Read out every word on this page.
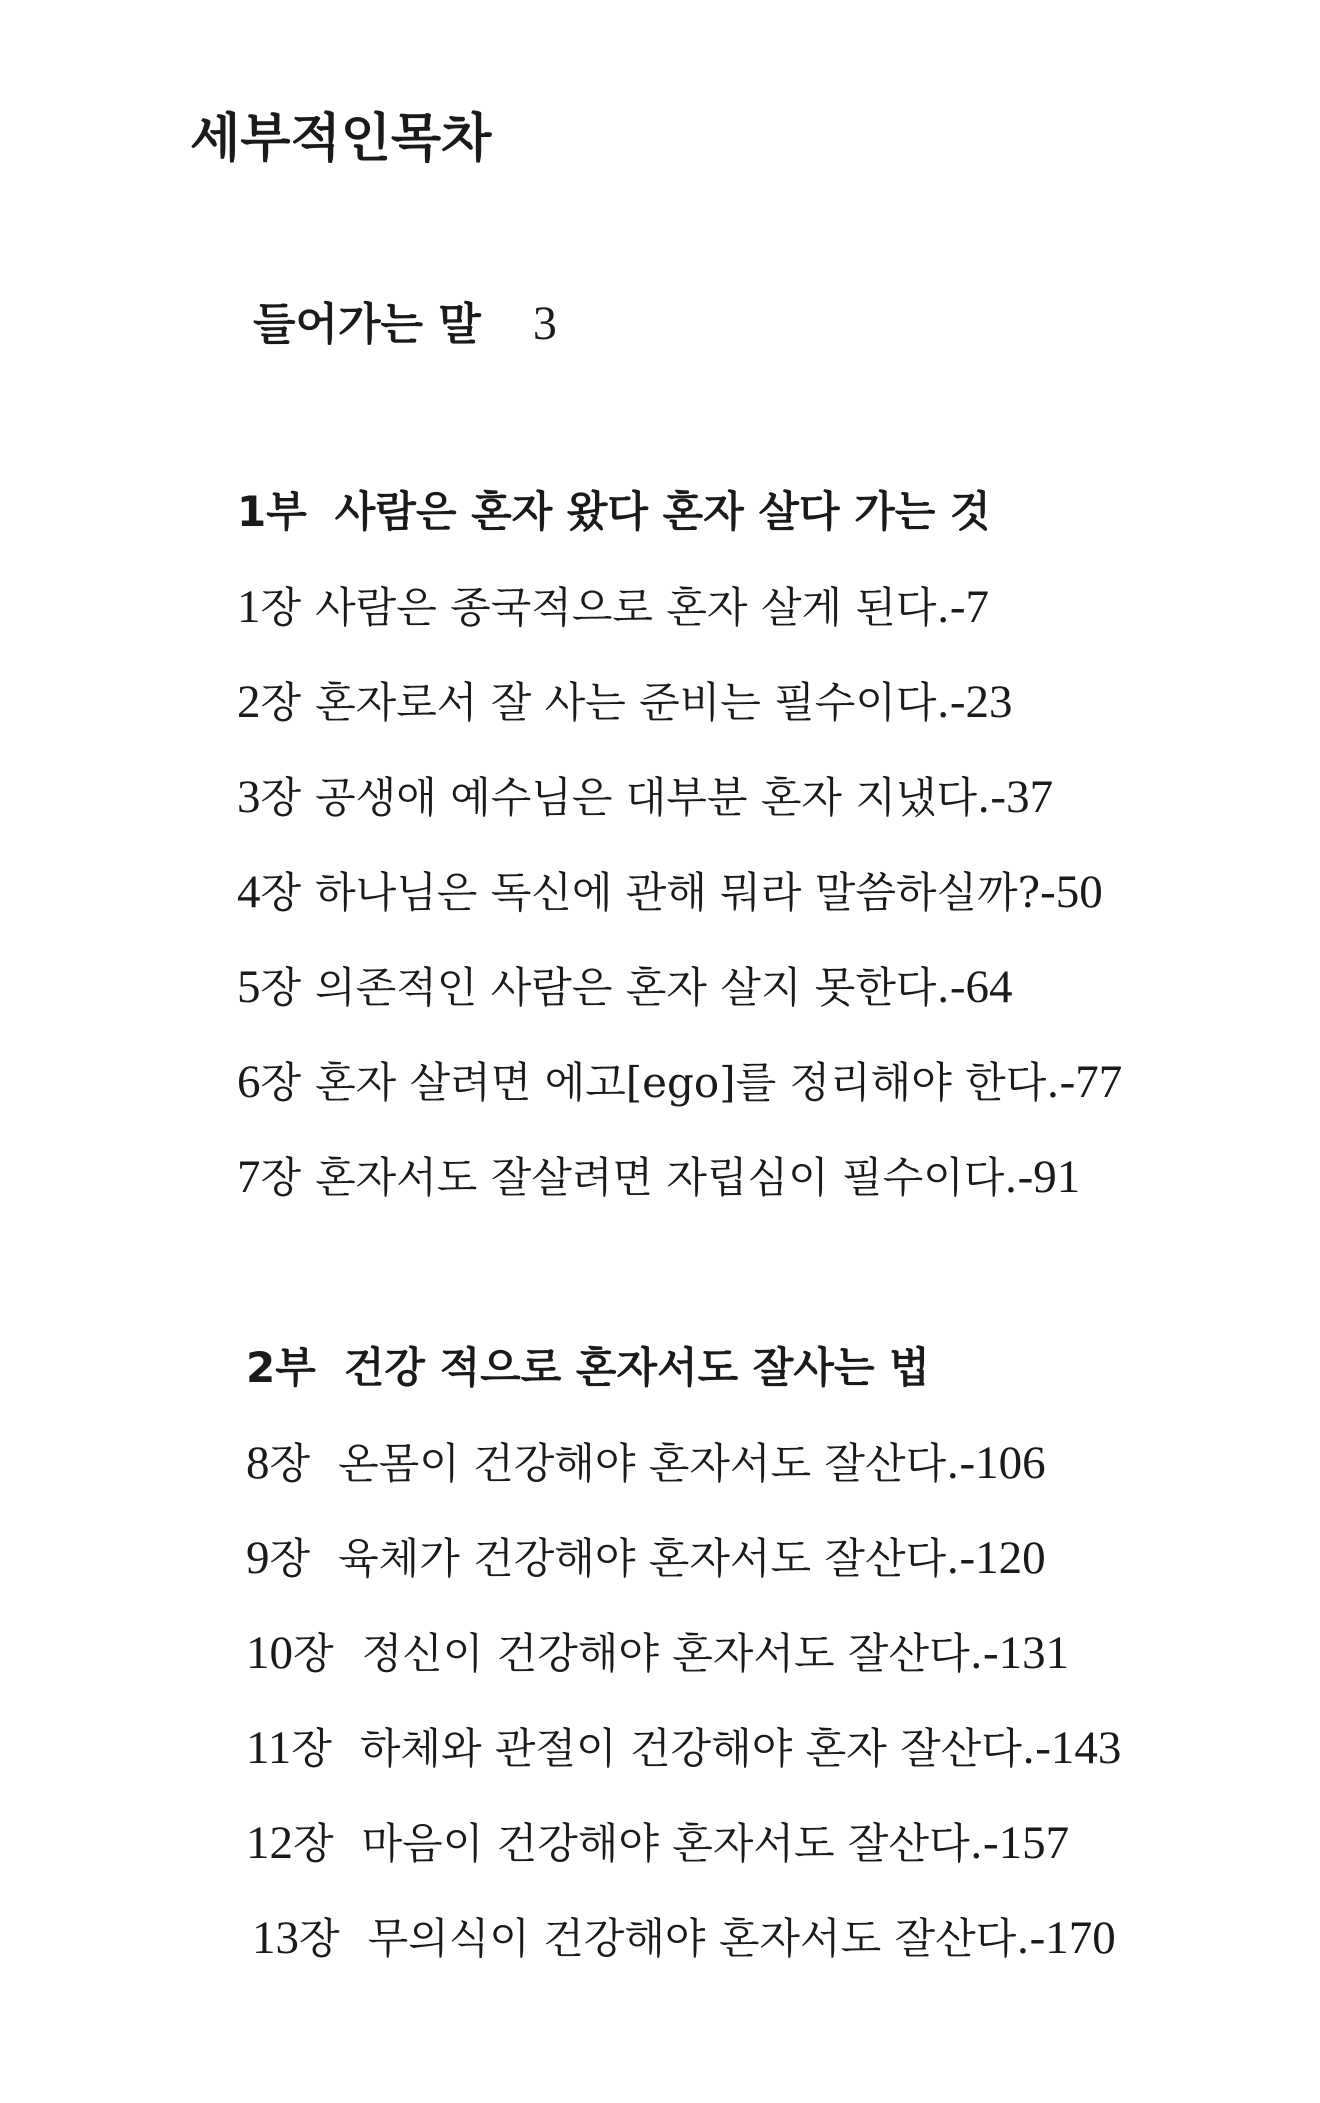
세부적인목차
들어가는 말 3
1부 사람은 혼자 왔다 혼자 살다 가는 것
1장 사람은 종국적으로 혼자 살게 된다.-7
2장 혼자로서 잘 사는 준비는 필수이다.-23
3장 공생애 예수님은 대부분 혼자 지냈다.-37
4장 하나님은 독신에 관해 뭐라 말씀하실까?-50
5장 의존적인 사람은 혼자 살지 못한다.-64
6장 혼자 살려면 에고[ego]를 정리해야 한다.-77
7장 혼자서도 잘살려면 자립심이 필수이다.-91
2부 건강 적으로 혼자서도 잘사는 법
8장 온몸이 건강해야 혼자서도 잘산다.-106
9장 육체가 건강해야 혼자서도 잘산다.-120
10장 정신이 건강해야 혼자서도 잘산다.-131
11장 하체와 관절이 건강해야 혼자 잘산다.-143
12장 마음이 건강해야 혼자서도 잘산다.-157
13장 무의식이 건강해야 혼자서도 잘산다.-170
